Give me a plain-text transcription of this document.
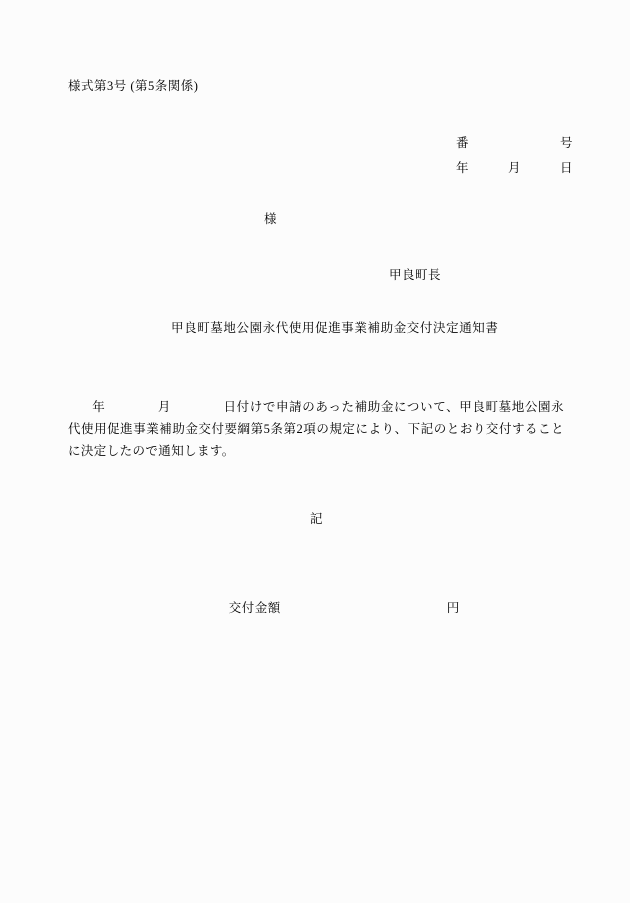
様式第3号 (第5条関係)
番　　　　　　　号
年　　　月　　　日
様
甲良町長
甲良町墓地公園永代使用促進事業補助金交付決定通知書
年　　　　月　　　　日付けで申請のあった補助金について、甲良町墓地公園永代使用促進事業補助金交付要綱第5条第2項の規定により、下記のとおり交付することに決定したので通知します。
記

交付金額	円
